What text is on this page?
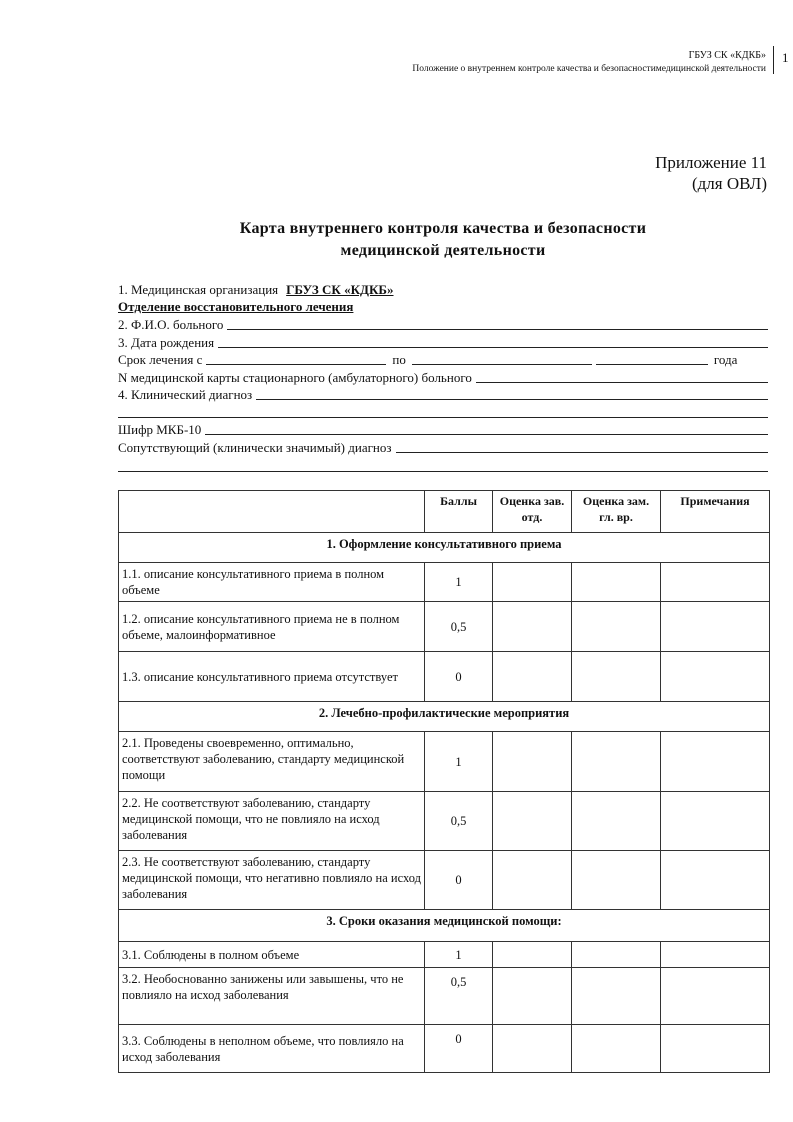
ГБУЗ СК «КДКБ»
Положение о внутреннем контроле качества и безопасностимедицинской деятельности
1
Приложение 11
(для ОВЛ)
Карта внутреннего контроля качества и безопасности
медицинской деятельности
1. Медицинская организация ГБУЗ СК «КДКБ»
Отделение восстановительного лечения
2. Ф.И.О. больного
3. Дата рождения
Срок лечения с	по	года
N медицинской карты стационарного (амбулаторного) больного
4. Клинический диагноз
Шифр МКБ-10
Сопутствующий (клинически значимый) диагноз
	Баллы	Оценка зав. отд.	Оценка зам. гл. вр.	Примечания
1. Оформление консультативного приема				
1.1. описание консультативного приема в полном объеме	1			
1.2. описание консультативного приема не в полном объеме, малоинформативное	0,5			
1.3. описание консультативного приема отсутствует	0			
2. Лечебно-профилактические мероприятия				
2.1. Проведены своевременно, оптимально, соответствуют заболеванию, стандарту медицинской помощи	1			
2.2. Не соответствуют заболеванию, стандарту медицинской помощи, что не повлияло на исход заболевания	0,5			
2.3. Не соответствуют заболеванию, стандарту медицинской помощи, что негативно повлияло на исход заболевания	0			
3. Сроки оказания медицинской помощи:				
3.1. Соблюдены в полном объеме	1			
3.2. Необоснованно занижены или завышены, что не повлияло на исход заболевания	0,5			
3.3. Соблюдены в неполном объеме, что повлияло на исход заболевания	0			
